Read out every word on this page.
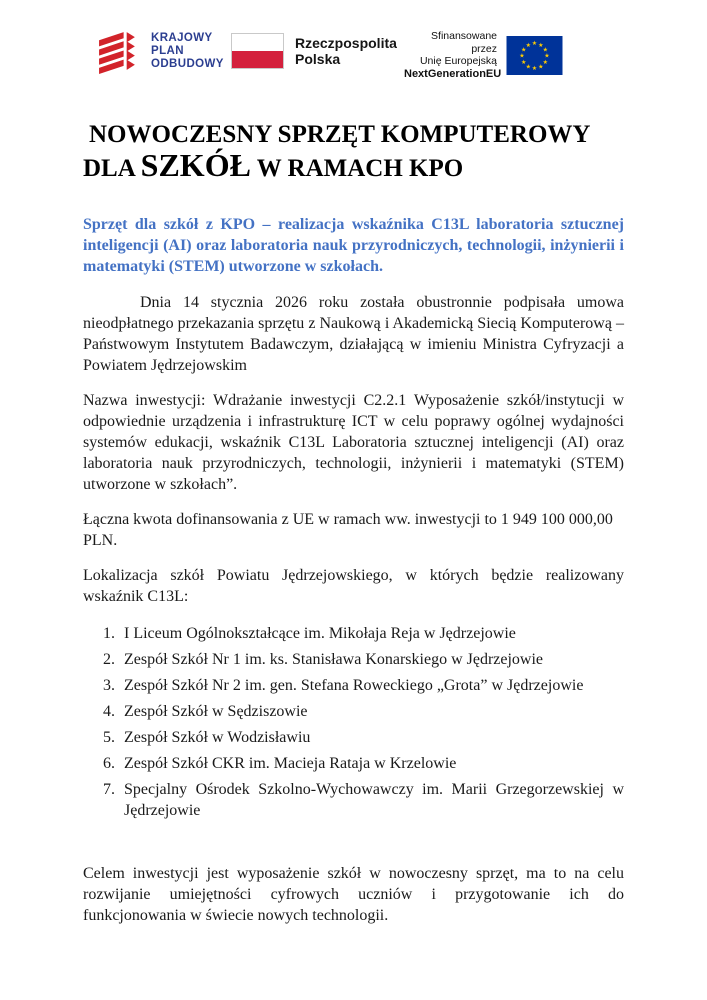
KRAJOWY
PLAN
ODBUDOWY
Rzeczpospolita
Polska
Sfinansowane przez
Unię Europejską
NextGenerationEU
★ ★
★
★
★
★
★
★
★
★
★
★
NOWOCZESNY SPRZĘT KOMPUTEROWY
DLA SZKÓŁ W RAMACH KPO

Sprzęt dla szkół z KPO – realizacja wskaźnika C13L laboratoria sztucznej inteligencji (AI) oraz laboratoria nauk przyrodniczych, technologii, inżynierii i matematyki (STEM) utworzone w szkołach.

Dnia 14 stycznia 2026 roku została obustronnie podpisała umowa nieodpłatnego przekazania sprzętu z Naukową i Akademicką Siecią Komputerową – Państwowym Instytutem Badawczym, działającą w imieniu Ministra Cyfryzacji a Powiatem Jędrzejowskim

Nazwa inwestycji: Wdrażanie inwestycji C2.2.1 Wyposażenie szkół/instytucji w odpowiednie urządzenia i infrastrukturę ICT w celu poprawy ogólnej wydajności systemów edukacji, wskaźnik C13L Laboratoria sztucznej inteligencji (AI) oraz laboratoria nauk przyrodniczych, technologii, inżynierii i matematyki (STEM) utworzone w szkołach”.

Łączna kwota dofinansowania z UE w ramach ww. inwestycji to 1 949 100 000,00 PLN.

Lokalizacja szkół Powiatu Jędrzejowskiego, w których będzie realizowany wskaźnik C13L:

I Liceum Ogólnokształcące im. Mikołaja Reja w Jędrzejowie
Zespół Szkół Nr 1 im. ks. Stanisława Konarskiego w Jędrzejowie
Zespół Szkół Nr 2 im. gen. Stefana Roweckiego „Grota” w Jędrzejowie
Zespół Szkół w Sędziszowie
Zespół Szkół w Wodzisławiu
Zespół Szkół CKR im. Macieja Rataja w Krzelowie
Specjalny Ośrodek Szkolno-Wychowawczy im. Marii Grzegorzewskiej w Jędrzejowie

Celem inwestycji jest wyposażenie szkół w nowoczesny sprzęt, ma to na celu rozwijanie umiejętności cyfrowych uczniów i przygotowanie ich do funkcjonowania w świecie nowych technologii.
